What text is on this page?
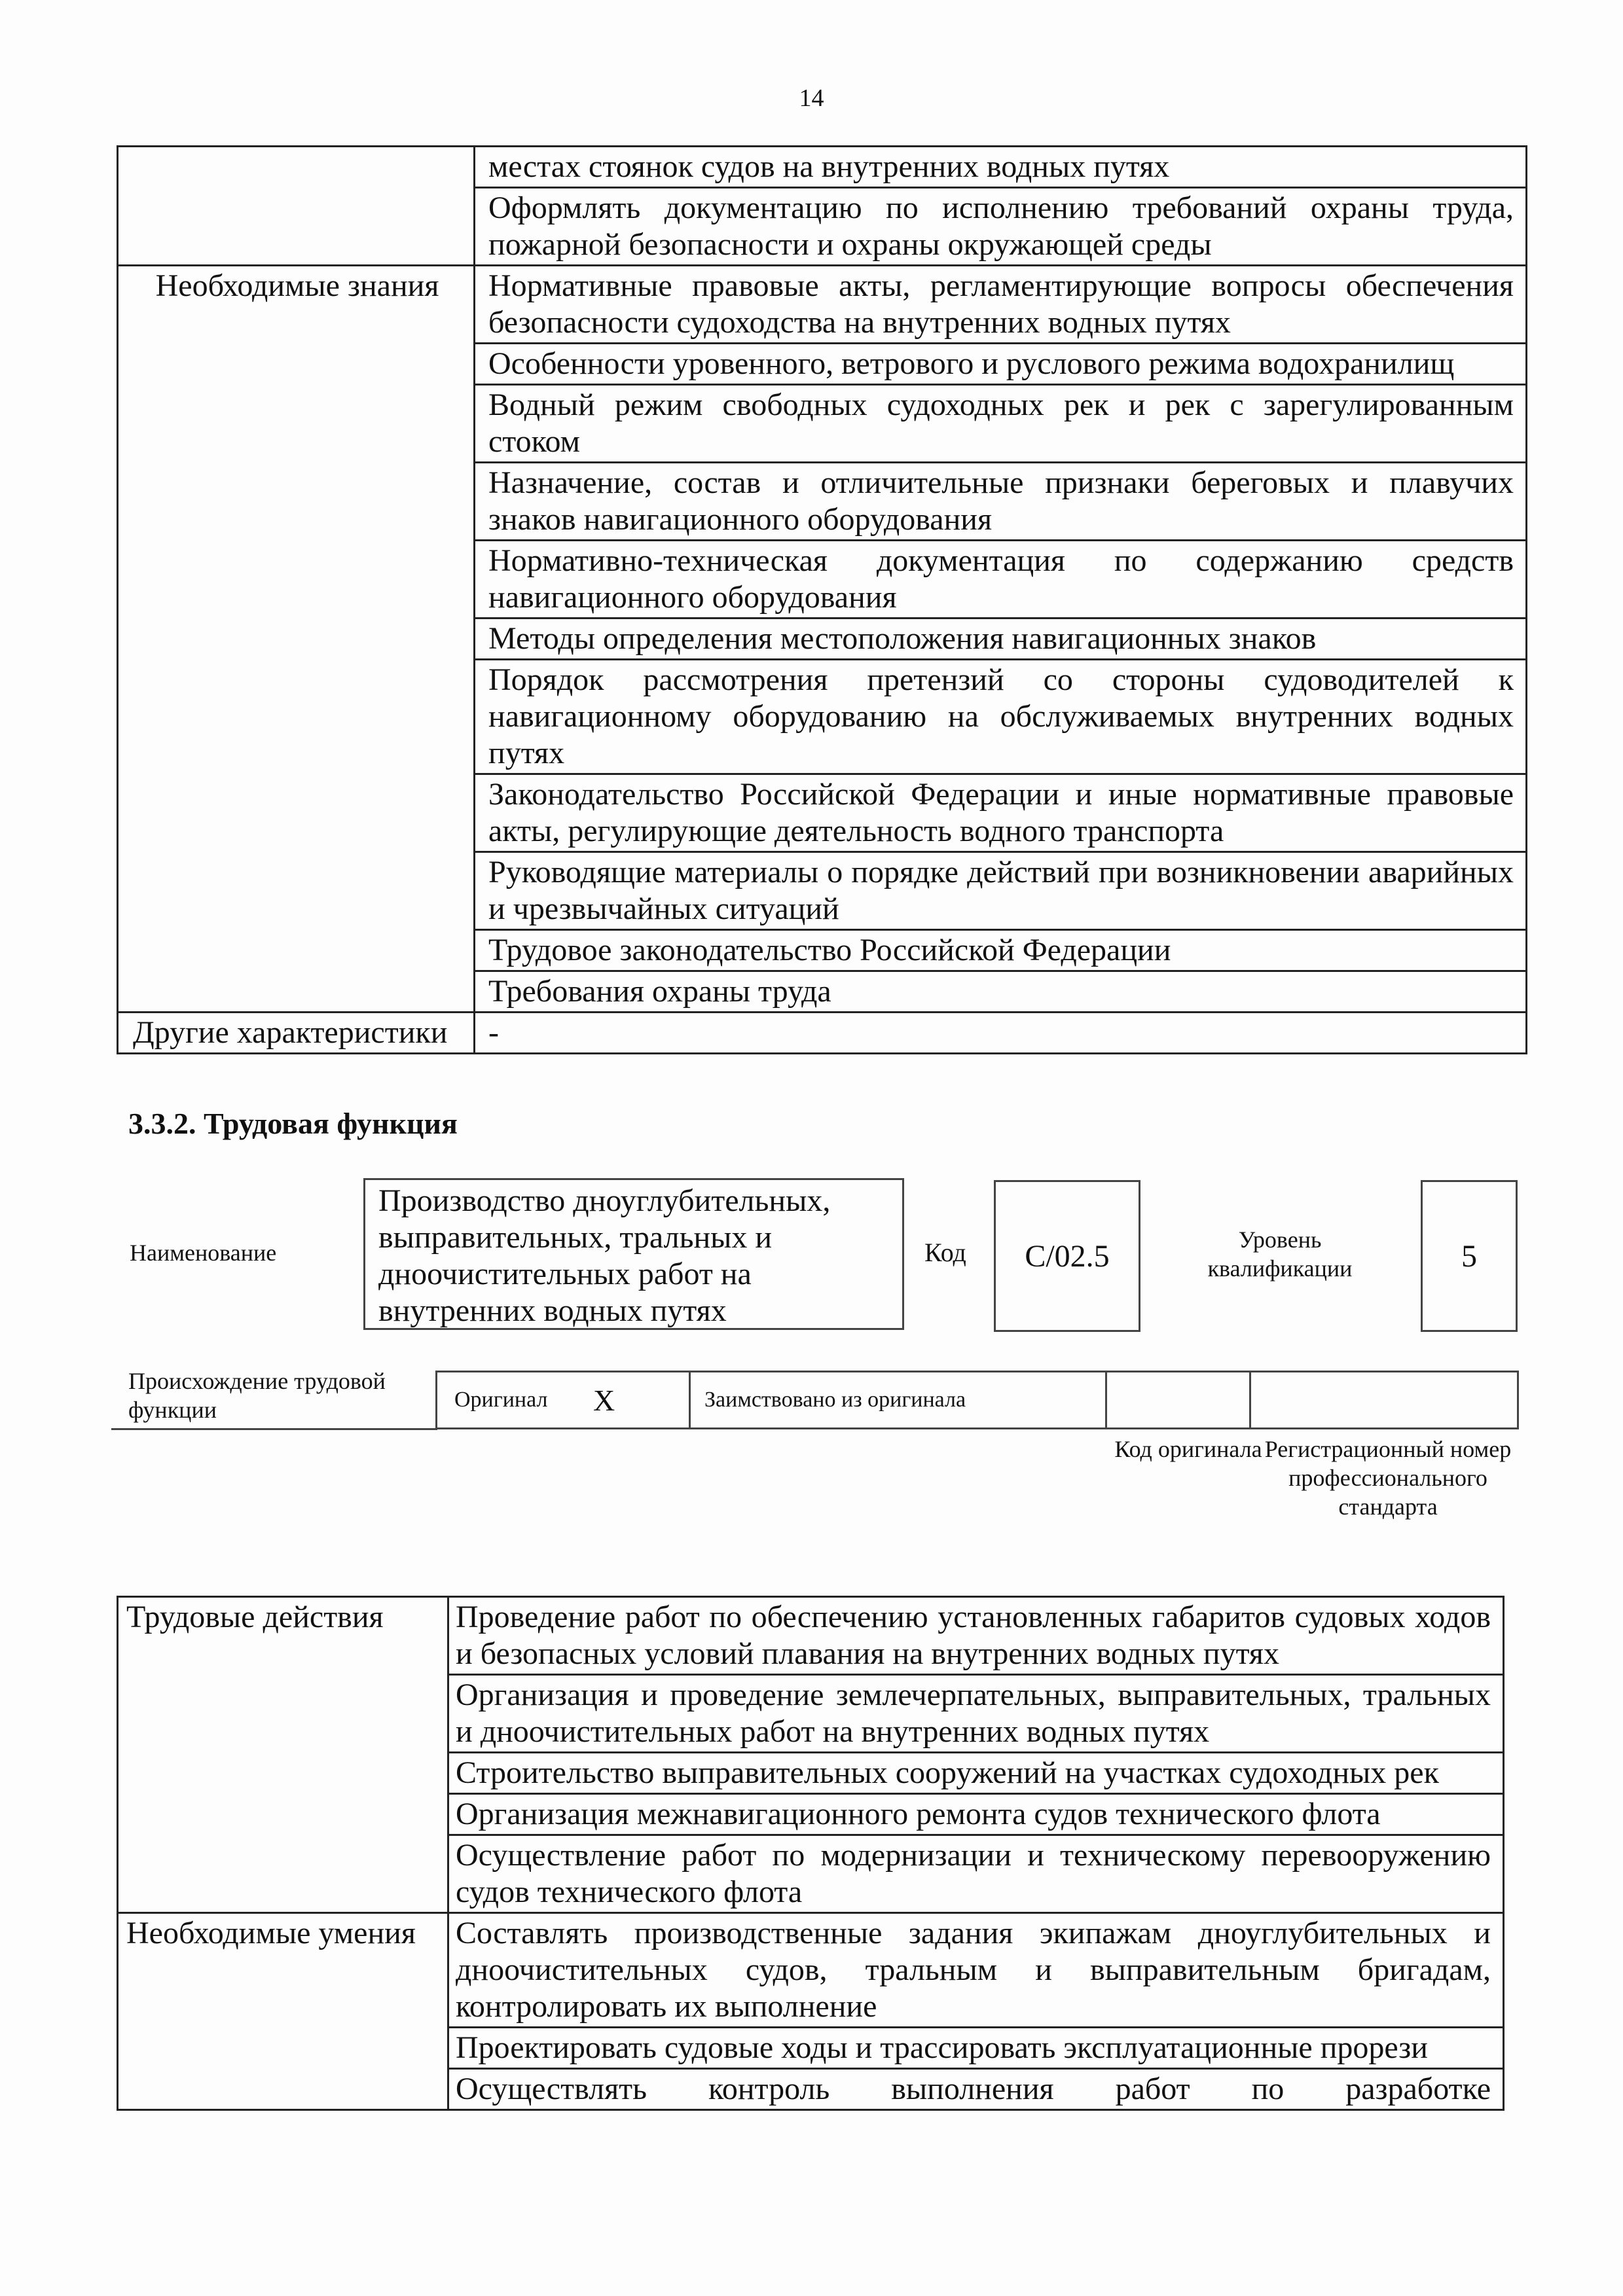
14
	местах стоянок судов на внутренних водных путях
	Оформлять документацию по исполнению требований охраны труда, пожарной безопасности и охраны окружающей среды
Необходимые знания	Нормативные правовые акты, регламентирующие вопросы обеспечения безопасности судоходства на внутренних водных путях
	Особенности уровенного, ветрового и руслового режима водохранилищ
	Водный режим свободных судоходных рек и рек с зарегулированным стоком
	Назначение, состав и отличительные признаки береговых и плавучих знаков навигационного оборудования
	Нормативно-техническая документация по содержанию средств навигационного оборудования
	Методы определения местоположения навигационных знаков
	Порядок рассмотрения претензий со стороны судоводителей к навигационному оборудованию на обслуживаемых внутренних водных путях
	Законодательство Российской Федерации и иные нормативные правовые акты, регулирующие деятельность водного транспорта
	Руководящие материалы о порядке действий при возникновении аварийных и чрезвычайных ситуаций
	Трудовое законодательство Российской Федерации
	Требования охраны труда
Другие характеристики	-
3.3.2. Трудовая функция
Наименование
Производство дноуглубительных, выправительных, тральных и дноочистительных работ на внутренних водных путях
Код	C/02.5	Уровень квалификации	5
Происхождение трудовой функции	Оригинал X	Заимствовано из оригинала
Код оригинала Регистрационный номер профессионального стандарта
Трудовые действия	Проведение работ по обеспечению установленных габаритов судовых ходов и безопасных условий плавания на внутренних водных путях
	Организация и проведение землечерпательных, выправительных, тральных и дноочистительных работ на внутренних водных путях
	Строительство выправительных сооружений на участках судоходных рек
	Организация межнавигационного ремонта судов технического флота
	Осуществление работ по модернизации и техническому перевооружению судов технического флота
Необходимые умения	Составлять производственные задания экипажам дноуглубительных и дноочистительных судов, тральным и выправительным бригадам, контролировать их выполнение
	Проектировать судовые ходы и трассировать эксплуатационные прорези
	Осуществлять контроль выполнения работ по разработке
